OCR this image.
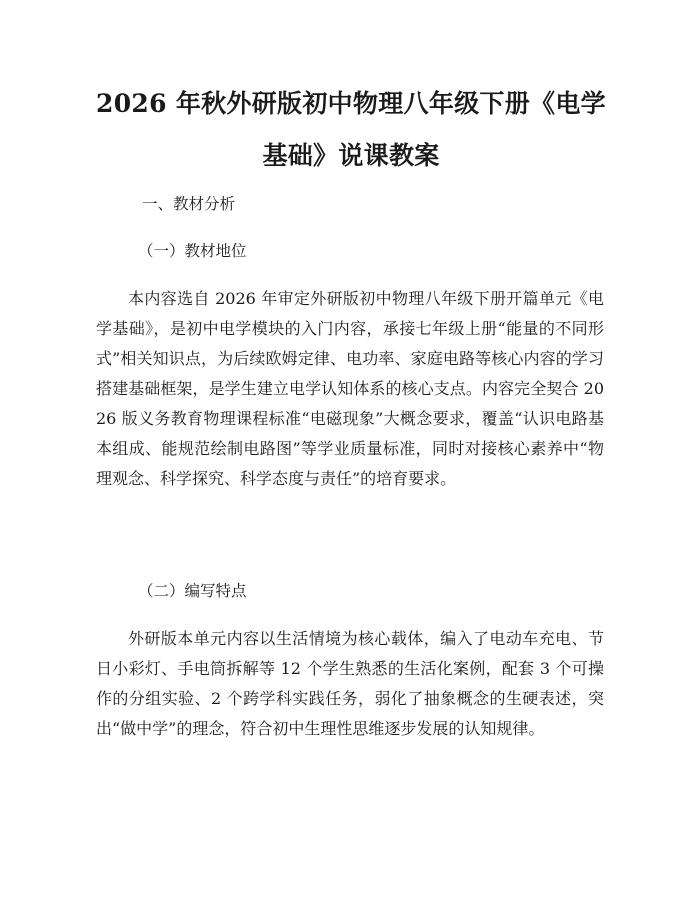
2026 年秋外研版初中物理八年级下册《电学基础》说课教案

一、教材分析

（一）教材地位

本内容选自 2026 年审定外研版初中物理八年级下册开篇单元《电学基础》，是初中电学模块的入门内容，承接七年级上册“能量的不同形式”相关知识点，为后续欧姆定律、电功率、家庭电路等核心内容的学习搭建基础框架，是学生建立电学认知体系的核心支点。内容完全契合 2026 版义务教育物理课程标准“电磁现象”大概念要求，覆盖“认识电路基本组成、能规范绘制电路图”等学业质量标准，同时对接核心素养中“物理观念、科学探究、科学态度与责任”的培育要求。

（二）编写特点

外研版本单元内容以生活情境为核心载体，编入了电动车充电、节日小彩灯、手电筒拆解等 12 个学生熟悉的生活化案例，配套 3 个可操作的分组实验、2 个跨学科实践任务，弱化了抽象概念的生硬表述，突出“做中学”的理念，符合初中生理性思维逐步发展的认知规律。
